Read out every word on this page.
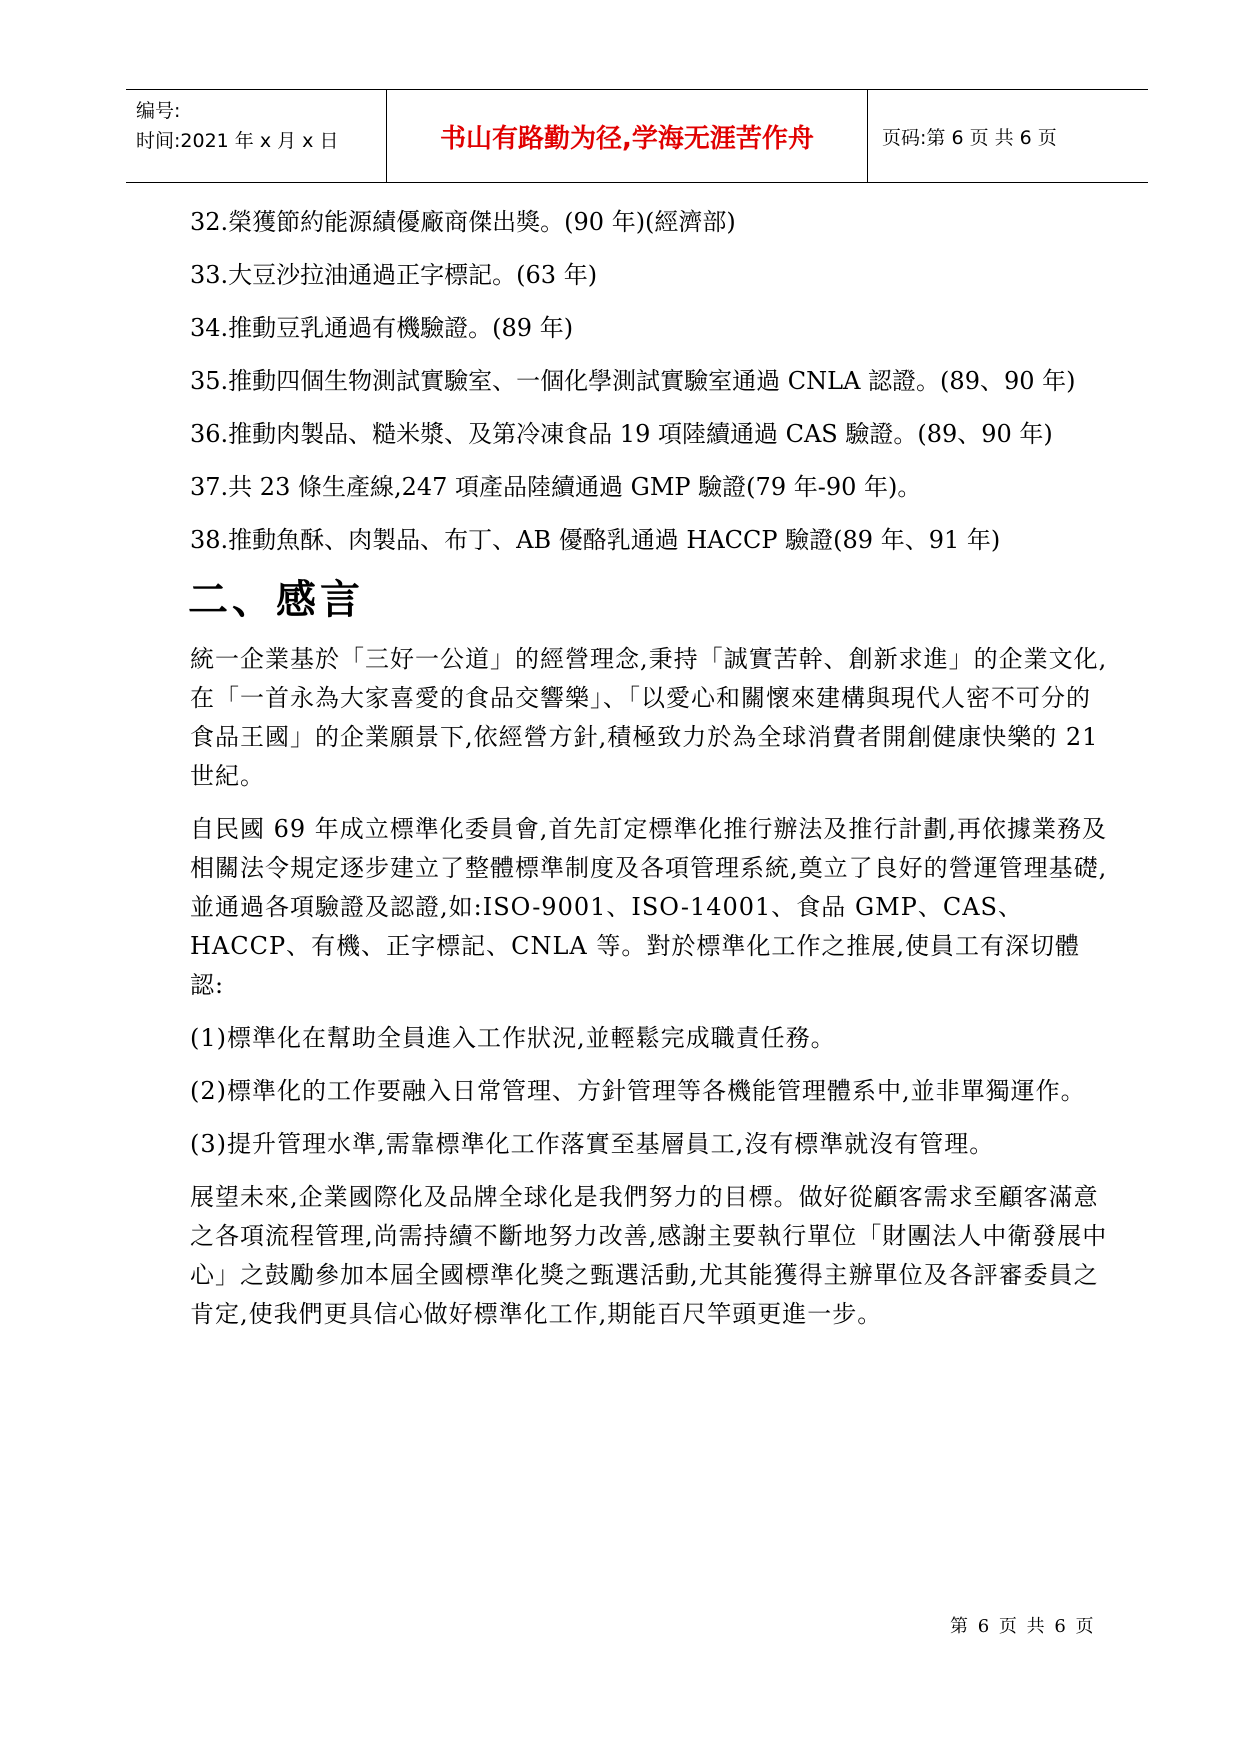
编号:
时间:2021 年 x 月 x 日	书山有路勤为径,学海无涯苦作舟	页码:第 6 页 共 6 页
32.榮獲節約能源績優廠商傑出獎。(90 年)(經濟部)
33.大豆沙拉油通過正字標記。(63 年)
34.推動豆乳通過有機驗證。(89 年)
35.推動四個生物測試實驗室、一個化學測試實驗室通過 CNLA 認證。(89、90 年)
36.推動肉製品、糙米漿、及第冷凍食品 19 項陸續通過 CAS 驗證。(89、90 年)
37.共 23 條生產線,247 項產品陸續通過 GMP 驗證(79 年-90 年)。
38.推動魚酥、肉製品、布丁、AB 優酪乳通過 HACCP 驗證(89 年、91 年)
二、感言
統一企業基於「三好一公道」的經營理念,秉持「誠實苦幹、創新求進」的企業文化,在「一首永為大家喜愛的食品交響樂」、「以愛心和關懷來建構與現代人密不可分的食品王國」的企業願景下,依經營方針,積極致力於為全球消費者開創健康快樂的 21 世紀。
自民國 69 年成立標準化委員會,首先訂定標準化推行辦法及推行計劃,再依據業務及相關法令規定逐步建立了整體標準制度及各項管理系統,奠立了良好的營運管理基礎,並通過各項驗證及認證,如:ISO-9001、ISO-14001、食品 GMP、CAS、HACCP、有機、正字標記、CNLA 等。對於標準化工作之推展,使員工有深切體認:
(1)標準化在幫助全員進入工作狀況,並輕鬆完成職責任務。
(2)標準化的工作要融入日常管理、方針管理等各機能管理體系中,並非單獨運作。
(3)提升管理水準,需靠標準化工作落實至基層員工,沒有標準就沒有管理。
展望未來,企業國際化及品牌全球化是我們努力的目標。做好從顧客需求至顧客滿意之各項流程管理,尚需持續不斷地努力改善,感謝主要執行單位「財團法人中衛發展中心」之鼓勵參加本屆全國標準化獎之甄選活動,尤其能獲得主辦單位及各評審委員之肯定,使我們更具信心做好標準化工作,期能百尺竿頭更進一步。
第 6 页 共 6 页
